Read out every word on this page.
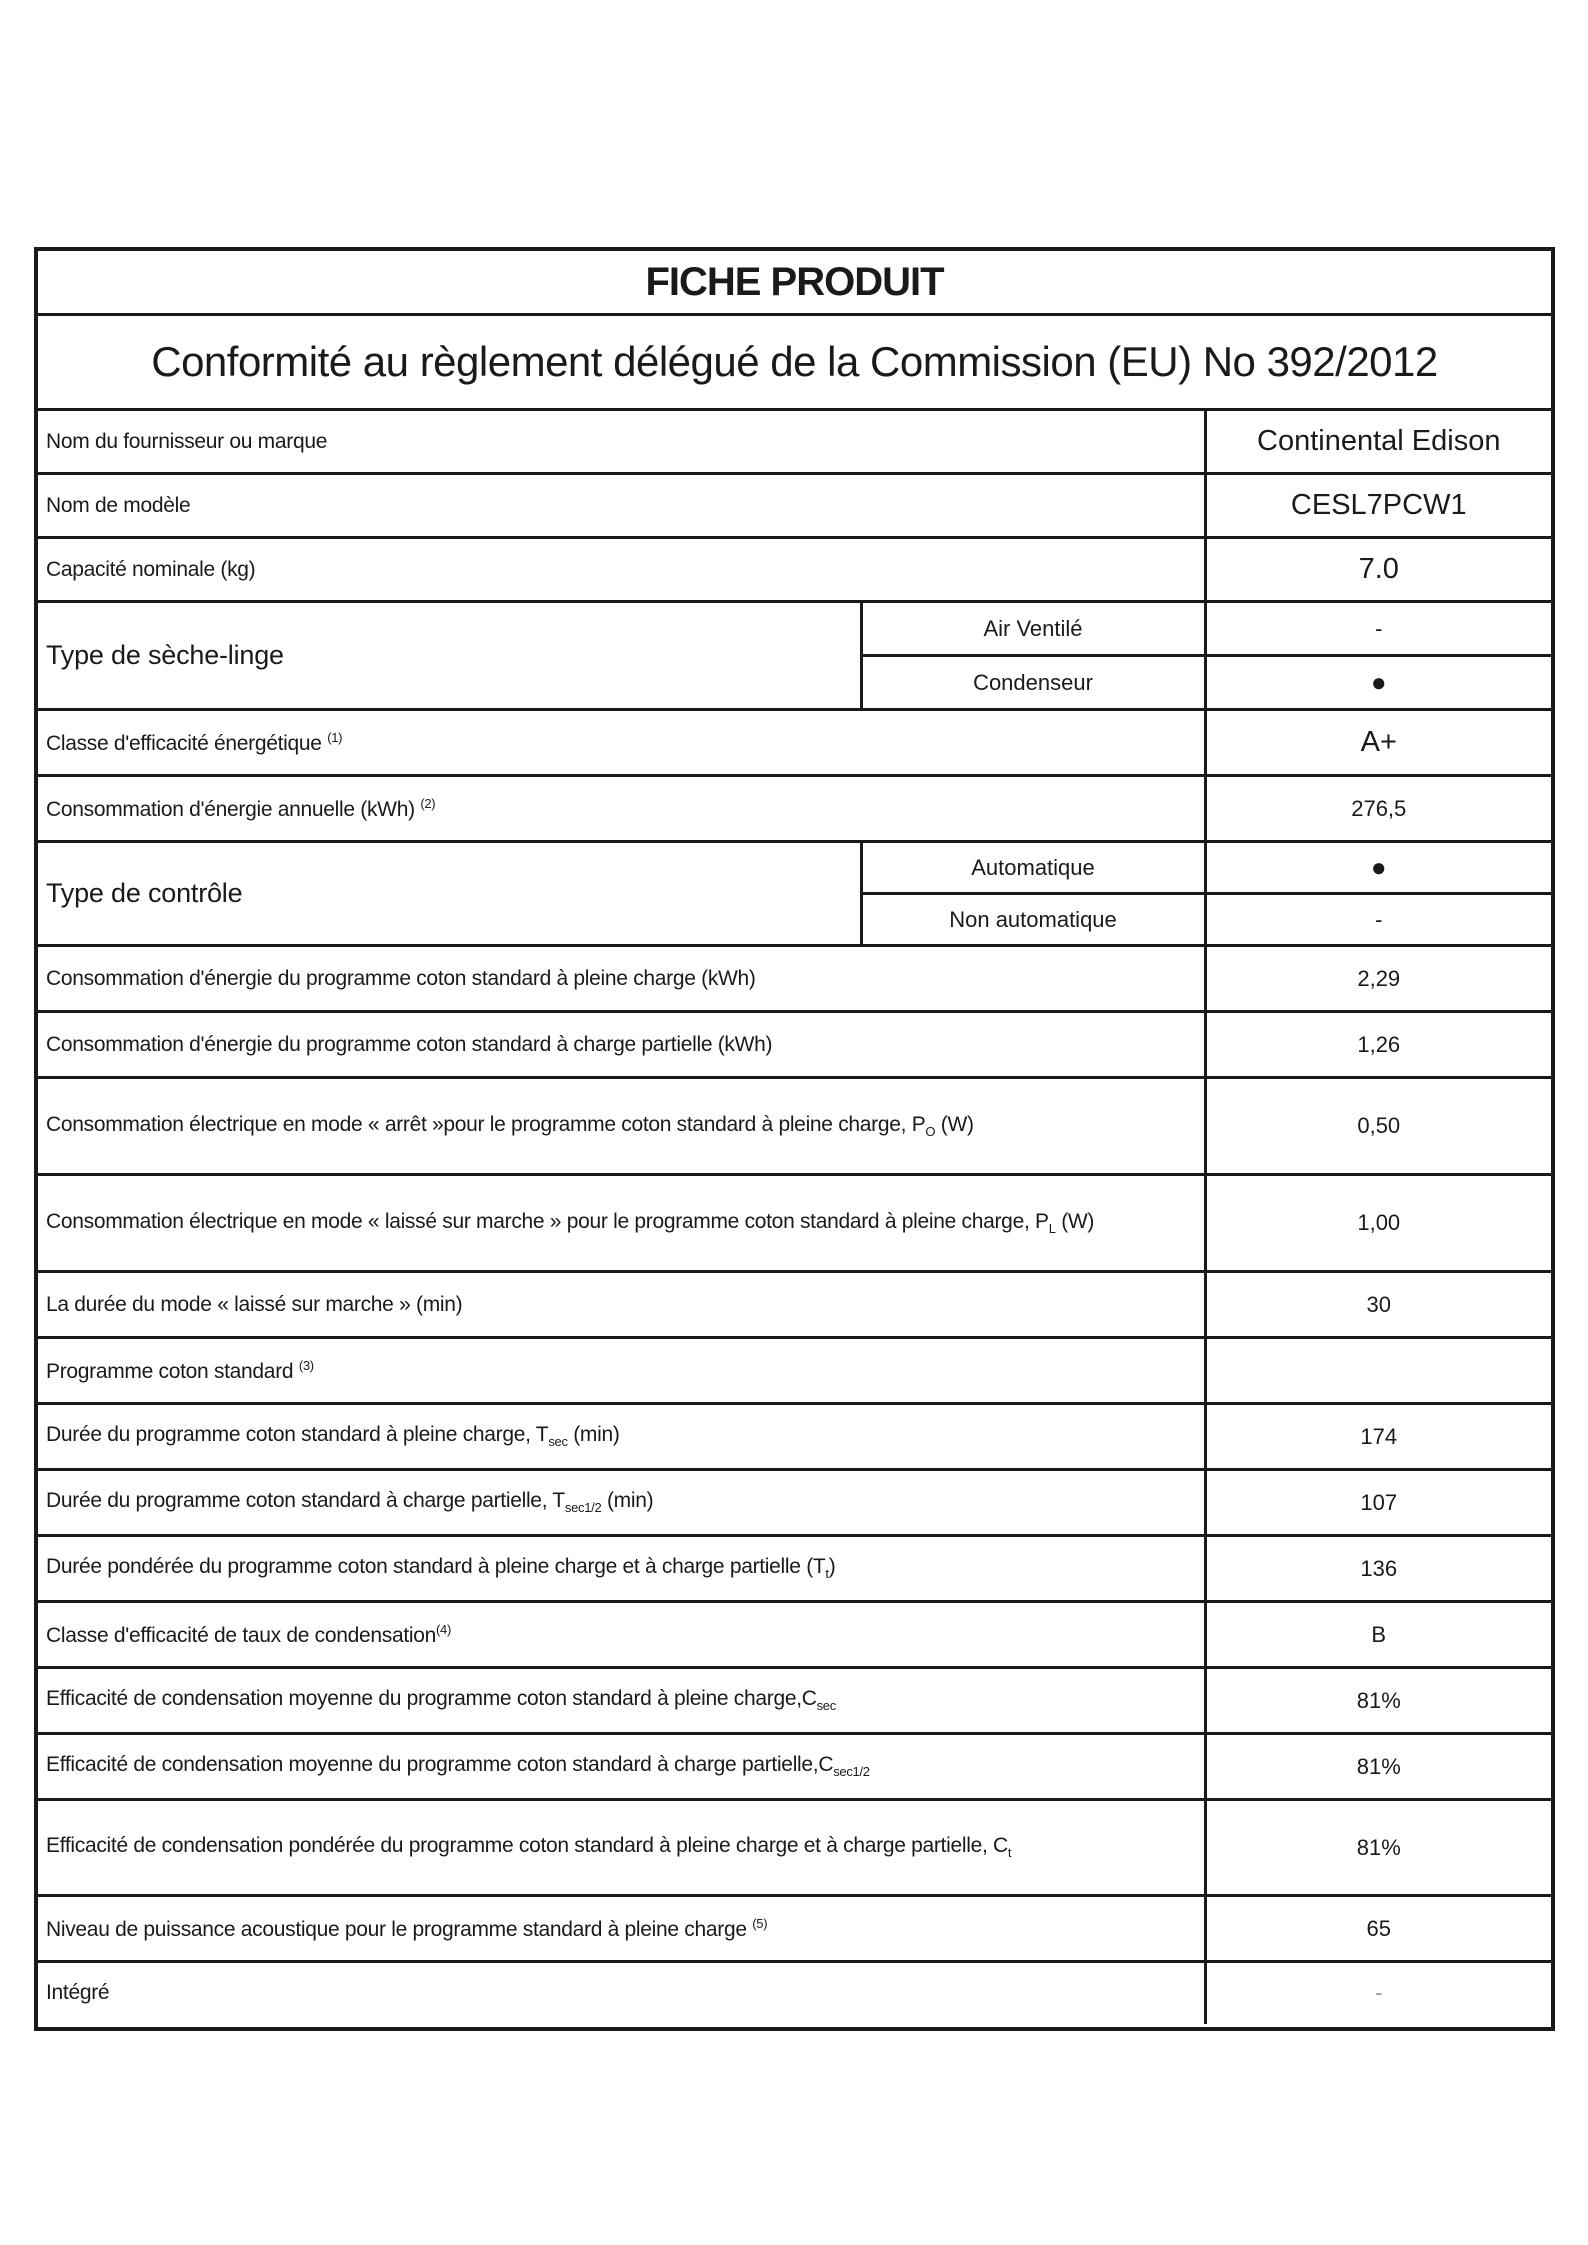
FICHE PRODUIT		
Conformité au règlement délégué de la Commission (EU) No 392/2012		
Nom du fournisseur ou marque		Continental Edison
Nom de modèle		CESL7PCW1
Capacité nominale (kg)		7.0
Type de sèche-linge	Air Ventilé	-
	Condenseur	●
Classe d'efficacité énergétique $^{(1)}$		A+
Consommation d'énergie annuelle (kWh) $^{(2)}$		276,5
Type de contrôle	Automatique	●
	Non automatique	-
Consommation d'énergie du programme coton standard à pleine charge (kWh)		2,29
Consommation d'énergie du programme coton standard à charge partielle (kWh)		1,26
Consommation électrique en mode « arrêt »pour le programme coton standard à pleine charge, $P_O$ (W)		0,50
Consommation électrique en mode « laissé sur marche » pour le programme coton standard à pleine charge, $P_L$ (W)		1,00
La durée du mode « laissé sur marche » (min)		30
Programme coton standard $^{(3)}$	
Durée du programme coton standard à pleine charge, $T_{sec}$ (min)		174
Durée du programme coton standard à charge partielle, $T_{sec1/2}$ (min)		107
Durée pondérée du programme coton standard à pleine charge et à charge partielle $(T_t)$		136
Classe d'efficacité de taux de condensation$^{(4)}$		B
Efficacité de condensation moyenne du programme coton standard à pleine $charge,C_{sec}$		81%
Efficacité de condensation moyenne du programme coton standard à charge $partielle,C_{sec1/2}$		81%
Efficacité de condensation pondérée du programme coton standard à pleine charge et à charge partielle, $C_t$		81%
Niveau de puissance acoustique pour le programme standard à pleine charge $^{(5)}$		65
Intégré		-
